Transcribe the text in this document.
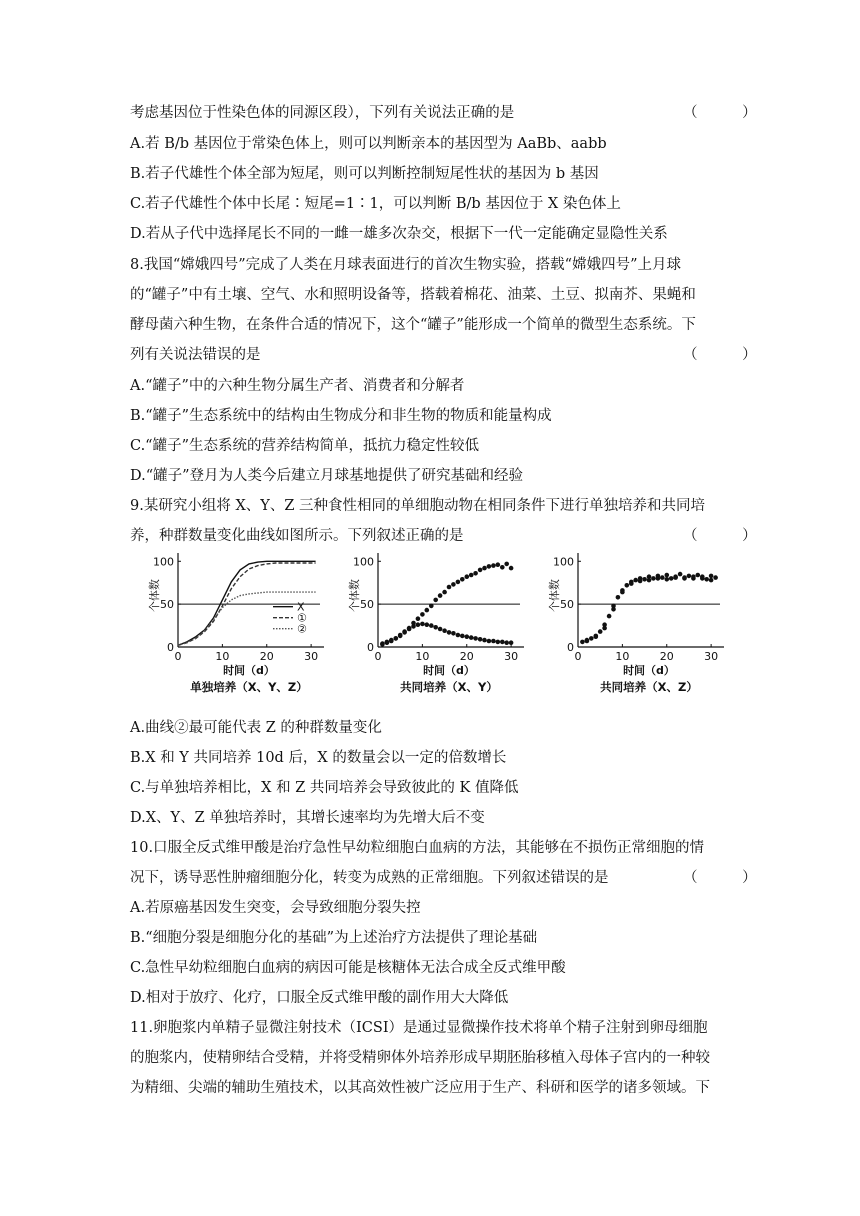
考虑基因位于性染色体的同源区段），下列有关说法正确的是	（ ）
A.若 B/b 基因位于常染色体上，则可以判断亲本的基因型为 AaBb、aabb
B.若子代雄性个体全部为短尾，则可以判断控制短尾性状的基因为 b 基因
C.若子代雄性个体中长尾∶短尾=1∶1，可以判断 B/b 基因位于 X 染色体上
D.若从子代中选择尾长不同的一雌一雄多次杂交，根据下一代一定能确定显隐性关系
8.我国“嫦娥四号”完成了人类在月球表面进行的首次生物实验，搭载“嫦娥四号”上月球
的“罐子”中有土壤、空气、水和照明设备等，搭载着棉花、油菜、土豆、拟南芥、果蝇和
酵母菌六种生物，在条件合适的情况下，这个“罐子”能形成一个简单的微型生态系统。下
列有关说法错误的是	（ ）
A.“罐子”中的六种生物分属生产者、消费者和分解者
B.“罐子”生态系统中的结构由生物成分和非生物的物质和能量构成
C.“罐子”生态系统的营养结构简单，抵抗力稳定性较低
D.“罐子”登月为人类今后建立月球基地提供了研究基础和经验
9.某研究小组将 X、Y、Z 三种食性相同的单细胞动物在相同条件下进行单独培养和共同培
养，种群数量变化曲线如图所示。下列叙述正确的是	（ ）
A.曲线②最可能代表 Z 的种群数量变化
B.X 和 Y 共同培养 10d 后，X 的数量会以一定的倍数增长
C.与单独培养相比，X 和 Z 共同培养会导致彼此的 K 值降低
D.X、Y、Z 单独培养时，其增长速率均为先增大后不变
10.口服全反式维甲酸是治疗急性早幼粒细胞白血病的方法，其能够在不损伤正常细胞的情
况下，诱导恶性肿瘤细胞分化，转变为成熟的正常细胞。下列叙述错误的是	（ ）
A.若原癌基因发生突变，会导致细胞分裂失控
B.“细胞分裂是细胞分化的基础”为上述治疗方法提供了理论基础
C.急性早幼粒细胞白血病的病因可能是核糖体无法合成全反式维甲酸
D.相对于放疗、化疗，口服全反式维甲酸的副作用大大降低
11.卵胞浆内单精子显微注射技术（ICSI）是通过显微操作技术将单个精子注射到卵母细胞
的胞浆内，使精卵结合受精，并将受精卵体外培养形成早期胚胎移植入母体子宫内的一种较
为精细、尖端的辅助生殖技术，以其高效性被广泛应用于生产、科研和医学的诸多领域。下
0
50
100
0	10	20	30
个体数
时间（d）
单独培养（X、Y、Z）
X
①
②
0
50
100
0	10	20	30
个体数
时间（d）
共同培养（X、Y）
0
50
100
0	10	20	30
个体数
时间（d）
共同培养（X、Z）
